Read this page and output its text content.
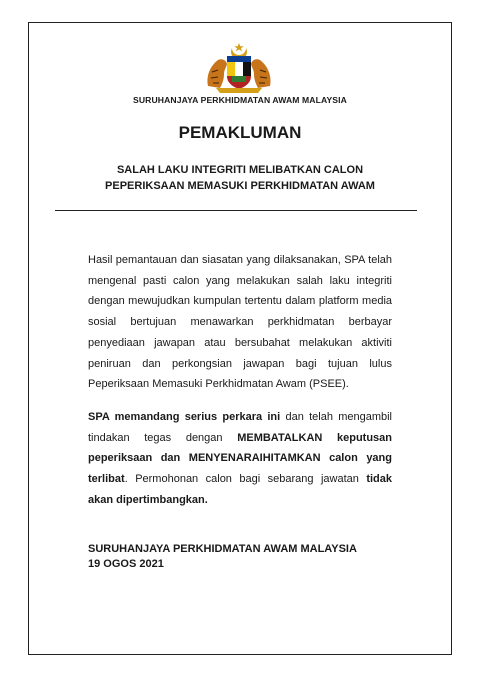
SURUHANJAYA PERKHIDMATAN AWAM MALAYSIA
PEMAKLUMAN
SALAH LAKU INTEGRITI MELIBATKAN CALON
PEPERIKSAAN MEMASUKI PERKHIDMATAN AWAM
Hasil pemantauan dan siasatan yang dilaksanakan, SPA telah mengenal pasti calon yang melakukan salah laku integriti dengan mewujudkan kumpulan tertentu dalam platform media sosial bertujuan menawarkan perkhidmatan berbayar penyediaan jawapan atau bersubahat melakukan aktiviti peniruan dan perkongsian jawapan bagi tujuan lulus Peperiksaan Memasuki Perkhidmatan Awam (PSEE).
SPA memandang serius perkara ini dan telah mengambil tindakan tegas dengan MEMBATALKAN keputusan peperiksaan dan MENYENARAIHITAMKAN calon yang terlibat. Permohonan calon bagi sebarang jawatan tidak akan dipertimbangkan.
SURUHANJAYA PERKHIDMATAN AWAM MALAYSIA
19 OGOS 2021
